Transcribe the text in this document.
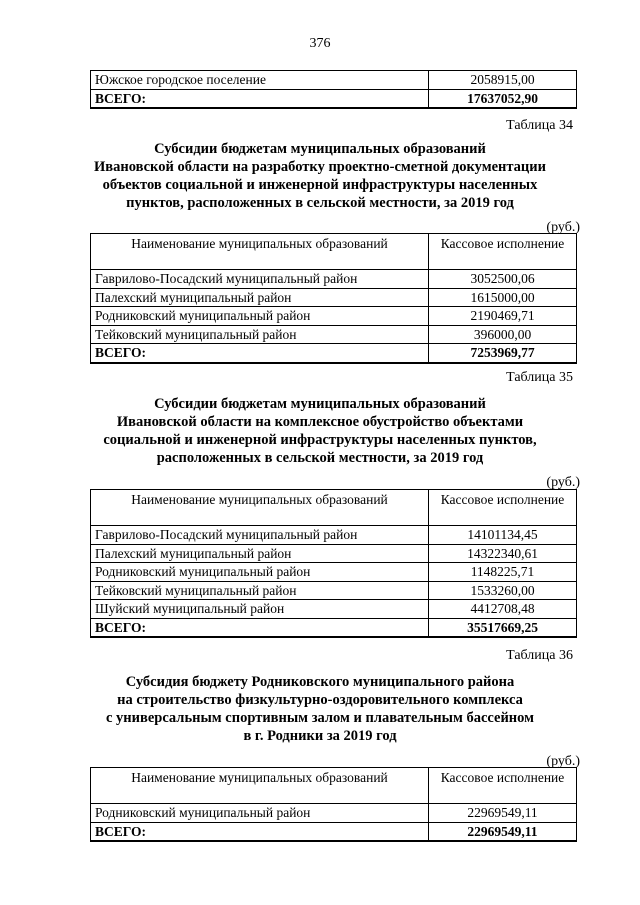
376
Южское городское поселение	2058915,00
ВСЕГО:	17637052,90
Таблица 34
Субсидии бюджетам муниципальных образований
Ивановской области на разработку проектно-сметной документации
объектов социальной и инженерной инфраструктуры населенных
пунктов, расположенных в сельской местности, за 2019 год
(руб.)
Наименование муниципальных образований	Кассовое исполнение
Гаврилово-Посадский муниципальный район	3052500,06
Палехский муниципальный район	1615000,00
Родниковский муниципальный район	2190469,71
Тейковский муниципальный район	396000,00
ВСЕГО:	7253969,77
Таблица 35
Субсидии бюджетам муниципальных образований
Ивановской области на комплексное обустройство объектами
социальной и инженерной инфраструктуры населенных пунктов,
расположенных в сельской местности, за 2019 год
(руб.)
Наименование муниципальных образований	Кассовое исполнение
Гаврилово-Посадский муниципальный район	14101134,45
Палехский муниципальный район	14322340,61
Родниковский муниципальный район	1148225,71
Тейковский муниципальный район	1533260,00
Шуйский муниципальный район	4412708,48
ВСЕГО:	35517669,25
Таблица 36
Субсидия бюджету Родниковского муниципального района
на строительство физкультурно-оздоровительного комплекса
с универсальным спортивным залом и плавательным бассейном
в г. Родники за 2019 год
(руб.)
Наименование муниципальных образований	Кассовое исполнение
Родниковский муниципальный район	22969549,11
ВСЕГО:	22969549,11
